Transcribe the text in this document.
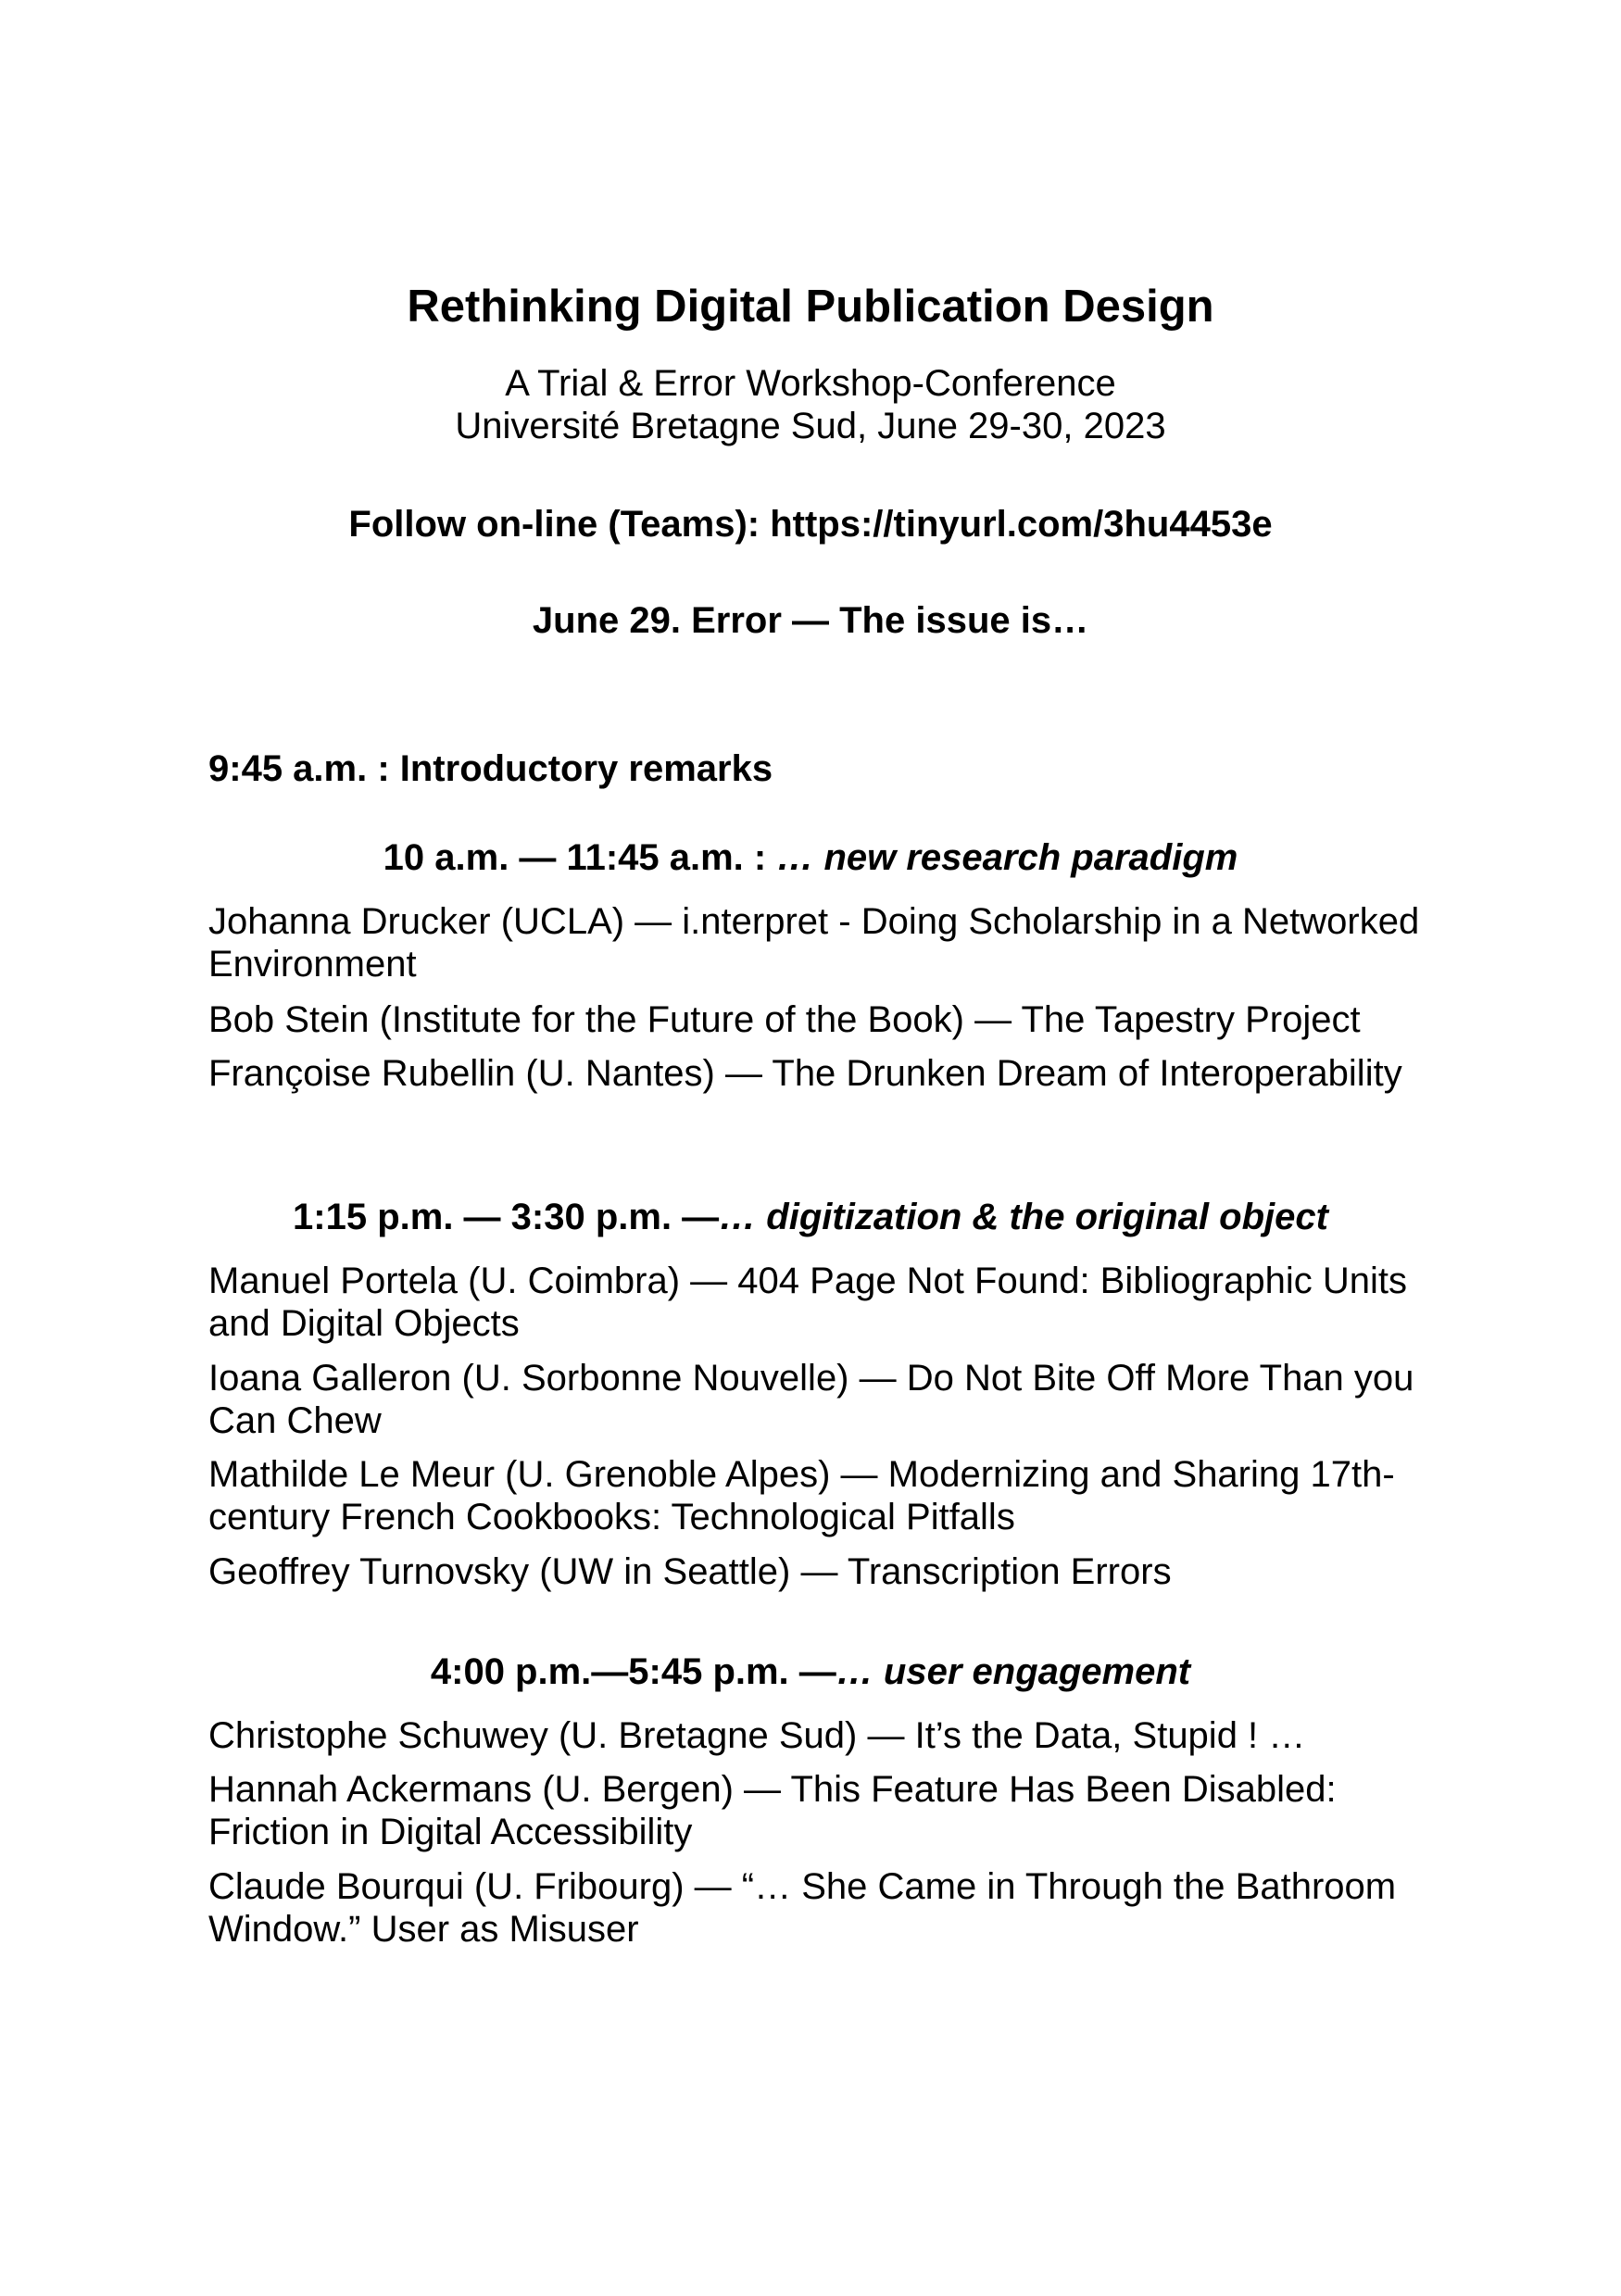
Rethinking Digital Publication Design

A Trial & Error Workshop-Conference

Université Bretagne Sud, June 29-30, 2023

Follow on-line (Teams): https://tinyurl.com/3hu4453e

June 29. Error — The issue is…

9:45 a.m. : Introductory remarks

10 a.m. — 11:45 a.m. : … new research paradigm

Johanna Drucker (UCLA) — i.nterpret - Doing Scholarship in a Networked Environment

Bob Stein (Institute for the Future of the Book) — The Tapestry Project

Françoise Rubellin (U. Nantes) — The Drunken Dream of Interoperability

1:15 p.m. — 3:30 p.m. —… digitization & the original object

Manuel Portela (U. Coimbra) — 404 Page Not Found: Bibliographic Units and Digital Objects

Ioana Galleron (U. Sorbonne Nouvelle) — Do Not Bite Off More Than you Can Chew

Mathilde Le Meur (U. Grenoble Alpes) — Modernizing and Sharing 17th-century French Cookbooks: Technological Pitfalls

Geoffrey Turnovsky (UW in Seattle) — Transcription Errors

4:00 p.m.—5:45 p.m. —… user engagement

Christophe Schuwey (U. Bretagne Sud) — It’s the Data, Stupid ! …

Hannah Ackermans (U. Bergen) — This Feature Has Been Disabled: Friction in Digital Accessibility

Claude Bourqui (U. Fribourg) — “… She Came in Through the Bathroom Window.” User as Misuser
